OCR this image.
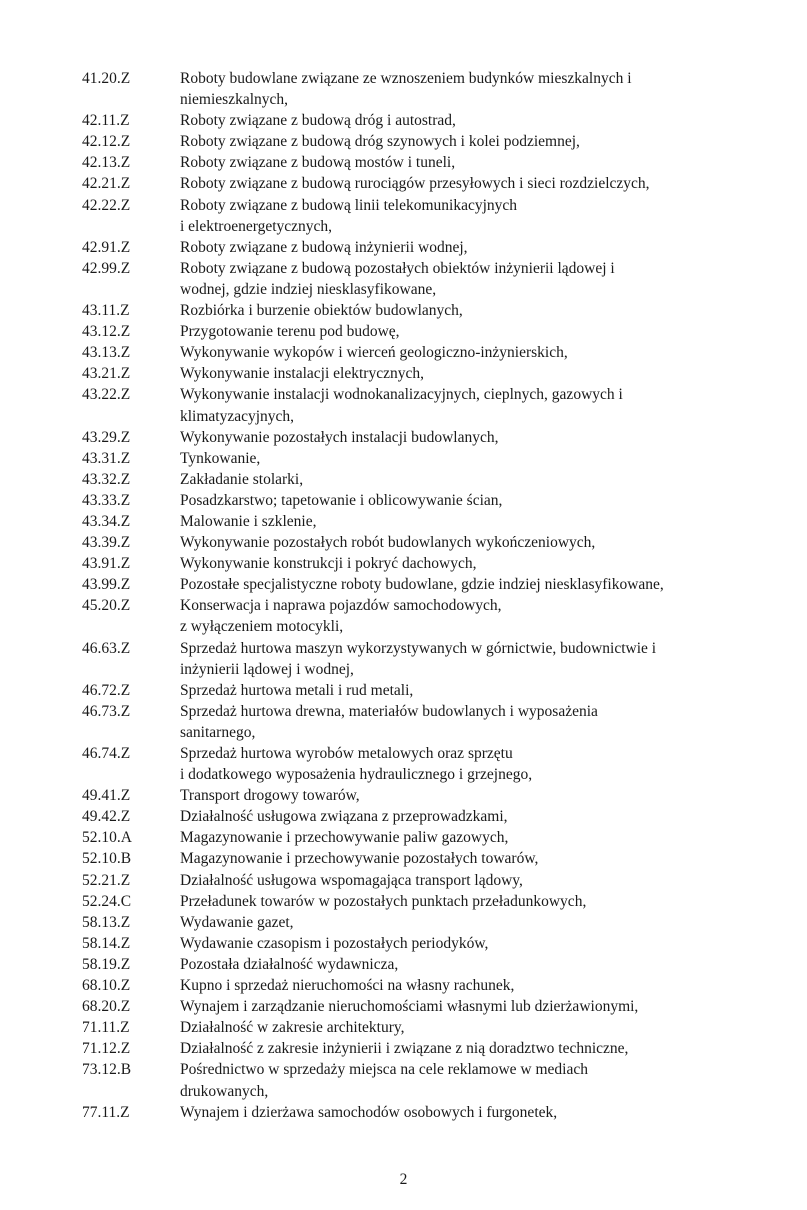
41.20.Z	Roboty budowlane związane ze wznoszeniem budynków mieszkalnych i
niemieszkalnych,
42.11.Z	Roboty związane z budową dróg i autostrad,
42.12.Z	Roboty związane z budową dróg szynowych i kolei podziemnej,
42.13.Z	Roboty związane z budową mostów i tuneli,
42.21.Z	Roboty związane z budową rurociągów przesyłowych i sieci rozdzielczych,
42.22.Z	Roboty związane z budową linii telekomunikacyjnych
i elektroenergetycznych,
42.91.Z	Roboty związane z budową inżynierii wodnej,
42.99.Z	Roboty związane z budową pozostałych obiektów inżynierii lądowej i
wodnej, gdzie indziej niesklasyfikowane,
43.11.Z	Rozbiórka i burzenie obiektów budowlanych,
43.12.Z	Przygotowanie terenu pod budowę,
43.13.Z	Wykonywanie wykopów i wierceń geologiczno-inżynierskich,
43.21.Z	Wykonywanie instalacji elektrycznych,
43.22.Z	Wykonywanie instalacji wodnokanalizacyjnych, cieplnych, gazowych i
klimatyzacyjnych,
43.29.Z	Wykonywanie pozostałych instalacji budowlanych,
43.31.Z	Tynkowanie,
43.32.Z	Zakładanie stolarki,
43.33.Z	Posadzkarstwo; tapetowanie i oblicowywanie ścian,
43.34.Z	Malowanie i szklenie,
43.39.Z	Wykonywanie pozostałych robót budowlanych wykończeniowych,
43.91.Z	Wykonywanie konstrukcji i pokryć dachowych,
43.99.Z	Pozostałe specjalistyczne roboty budowlane, gdzie indziej niesklasyfikowane,
45.20.Z	Konserwacja i naprawa pojazdów samochodowych,
z wyłączeniem motocykli,
46.63.Z	Sprzedaż hurtowa maszyn wykorzystywanych w górnictwie, budownictwie i
inżynierii lądowej i wodnej,
46.72.Z	Sprzedaż hurtowa metali i rud metali,
46.73.Z	Sprzedaż hurtowa drewna, materiałów budowlanych i wyposażenia
sanitarnego,
46.74.Z	Sprzedaż hurtowa wyrobów metalowych oraz sprzętu
i dodatkowego wyposażenia hydraulicznego i grzejnego,
49.41.Z	Transport drogowy towarów,
49.42.Z	Działalność usługowa związana z przeprowadzkami,
52.10.A	Magazynowanie i przechowywanie paliw gazowych,
52.10.B	Magazynowanie i przechowywanie pozostałych towarów,
52.21.Z	Działalność usługowa wspomagająca transport lądowy,
52.24.C	Przeładunek towarów w pozostałych punktach przeładunkowych,
58.13.Z	Wydawanie gazet,
58.14.Z	Wydawanie czasopism i pozostałych periodyków,
58.19.Z	Pozostała działalność wydawnicza,
68.10.Z	Kupno i sprzedaż nieruchomości na własny rachunek,
68.20.Z	Wynajem i zarządzanie nieruchomościami własnymi lub dzierżawionymi,
71.11.Z	Działalność w zakresie architektury,
71.12.Z	Działalność z zakresie inżynierii i związane z nią doradztwo techniczne,
73.12.B	Pośrednictwo w sprzedaży miejsca na cele reklamowe w mediach
drukowanych,
77.11.Z	Wynajem i dzierżawa samochodów osobowych i furgonetek,
2
